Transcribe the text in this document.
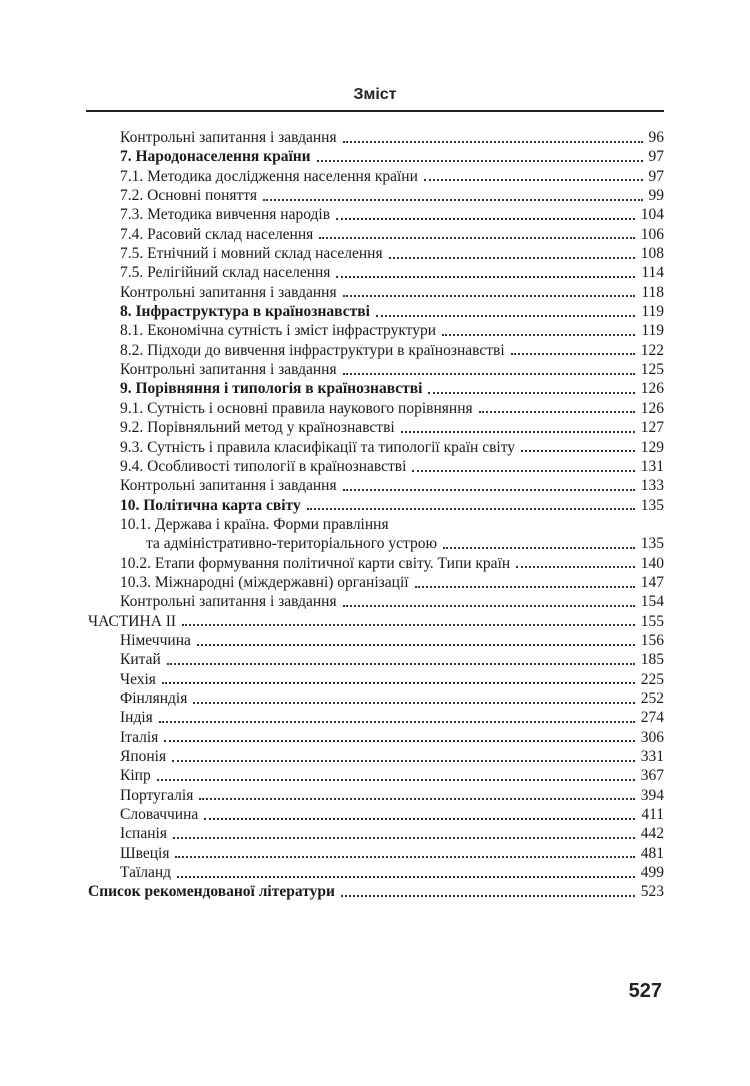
Зміст
Контрольні запитання і завдання	96
7. Народонаселення країни	97
7.1. Методика дослідження населення країни	97
7.2. Основні поняття	99
7.3. Методика вивчення народів	104
7.4. Расовий склад населення	106
7.5. Етнічний і мовний склад населення	108
7.5. Релігійний склад населення	114
Контрольні запитання і завдання	118
8. Інфраструктура в країнознавстві	119
8.1. Економічна сутність і зміст інфраструктури	119
8.2. Підходи до вивчення інфраструктури в країнознавстві	122
Контрольні запитання і завдання	125
9. Порівняння і типологія в країнознавстві	126
9.1. Сутність і основні правила наукового порівняння	126
9.2. Порівняльний метод у країнознавстві	127
9.3. Сутність і правила класифікації та типології країн світу	129
9.4. Особливості типології в країнознавстві	131
Контрольні запитання і завдання	133
10. Політична карта світу	135
10.1. Держава і країна. Форми правління
та адміністративно-територіального устрою	135
10.2. Етапи формування політичної карти світу. Типи країн	140
10.3. Міжнародні (міждержавні) організації	147
Контрольні запитання і завдання	154
ЧАСТИНА II	155
Німеччина	156
Китай	185
Чехія	225
Фінляндія	252
Індія	274
Італія	306
Японія	331
Кіпр	367
Португалія	394
Словаччина	411
Іспанія	442
Швеція	481
Таїланд	499
Список рекомендованої літератури	523
527
